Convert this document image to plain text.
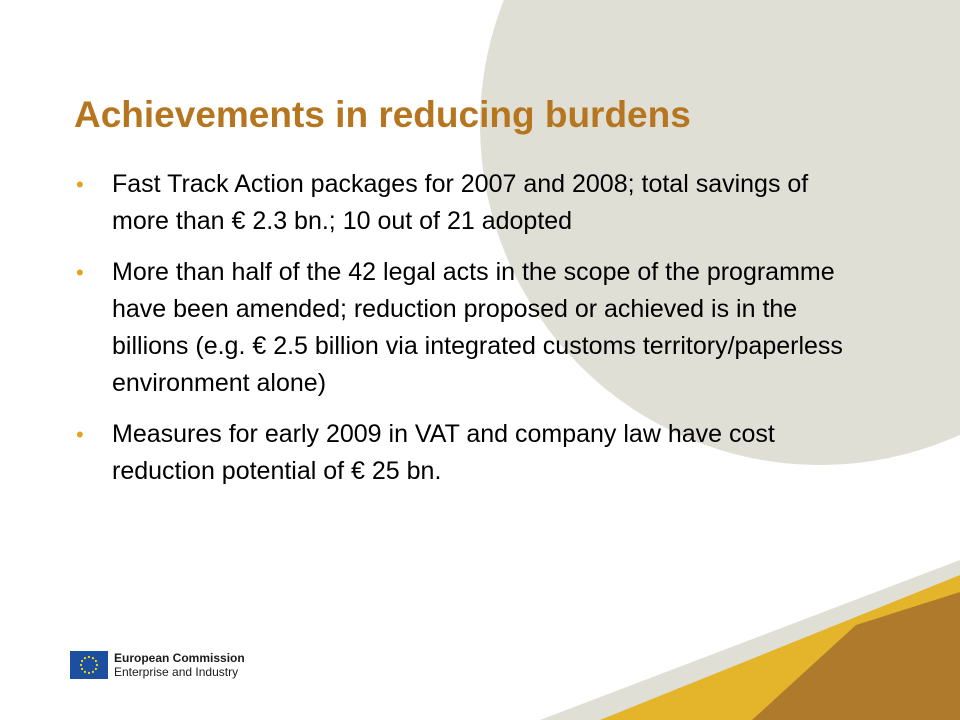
Achievements in reducing burdens
• Fast Track Action packages for 2007 and 2008; total savings of more than € 2.3 bn.; 10 out of 21 adopted
• More than half of the 42 legal acts in the scope of the programme have been amended; reduction proposed or achieved is in the billions (e.g. € 2.5 billion via integrated customs territory/paperless environment alone)
• Measures for early 2009 in VAT and company law have cost reduction potential of € 25 bn.
European Commission
Enterprise and Industry
